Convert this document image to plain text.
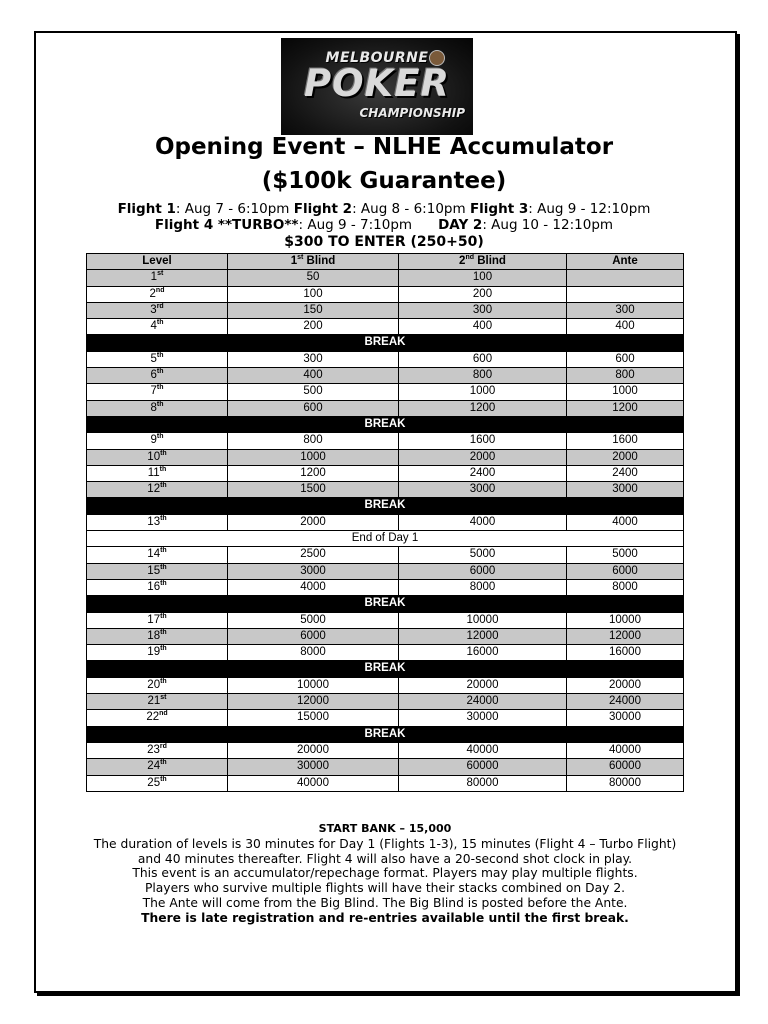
MELBOURNE
POKER
CHAMPIONSHIP
Opening Event – NLHE Accumulator
($100k Guarantee)
Flight 1: Aug 7 - 6:10pm Flight 2: Aug 8 - 6:10pm Flight 3: Aug 9 - 12:10pm
Flight 4 **TURBO**: Aug 9 - 7:10pm DAY 2: Aug 10 - 12:10pm
$300 TO ENTER (250+50)
Level	1st Blind	2nd Blind	Ante
1st	50	100	
2nd	100	200	
3rd	150	300	300
4th	200	400	400
BREAK			
5th	300	600	600
6th	400	800	800
7th	500	1000	1000
8th	600	1200	1200
BREAK			
9th	800	1600	1600
10th	1000	2000	2000
11th	1200	2400	2400
12th	1500	3000	3000
BREAK			
13th	2000	4000	4000
End of Day 1			
14th	2500	5000	5000
15th	3000	6000	6000
16th	4000	8000	8000
BREAK			
17th	5000	10000	10000
18th	6000	12000	12000
19th	8000	16000	16000
BREAK			
20th	10000	20000	20000
21st	12000	24000	24000
22nd	15000	30000	30000
BREAK			
23rd	20000	40000	40000
24th	30000	60000	60000
25th	40000	80000	80000
START BANK – 15,000
The duration of levels is 30 minutes for Day 1 (Flights 1-3), 15 minutes (Flight 4 – Turbo Flight)
and 40 minutes thereafter. Flight 4 will also have a 20-second shot clock in play.
This event is an accumulator/repechage format. Players may play multiple flights.
Players who survive multiple flights will have their stacks combined on Day 2.
The Ante will come from the Big Blind. The Big Blind is posted before the Ante.
There is late registration and re-entries available until the first break.
